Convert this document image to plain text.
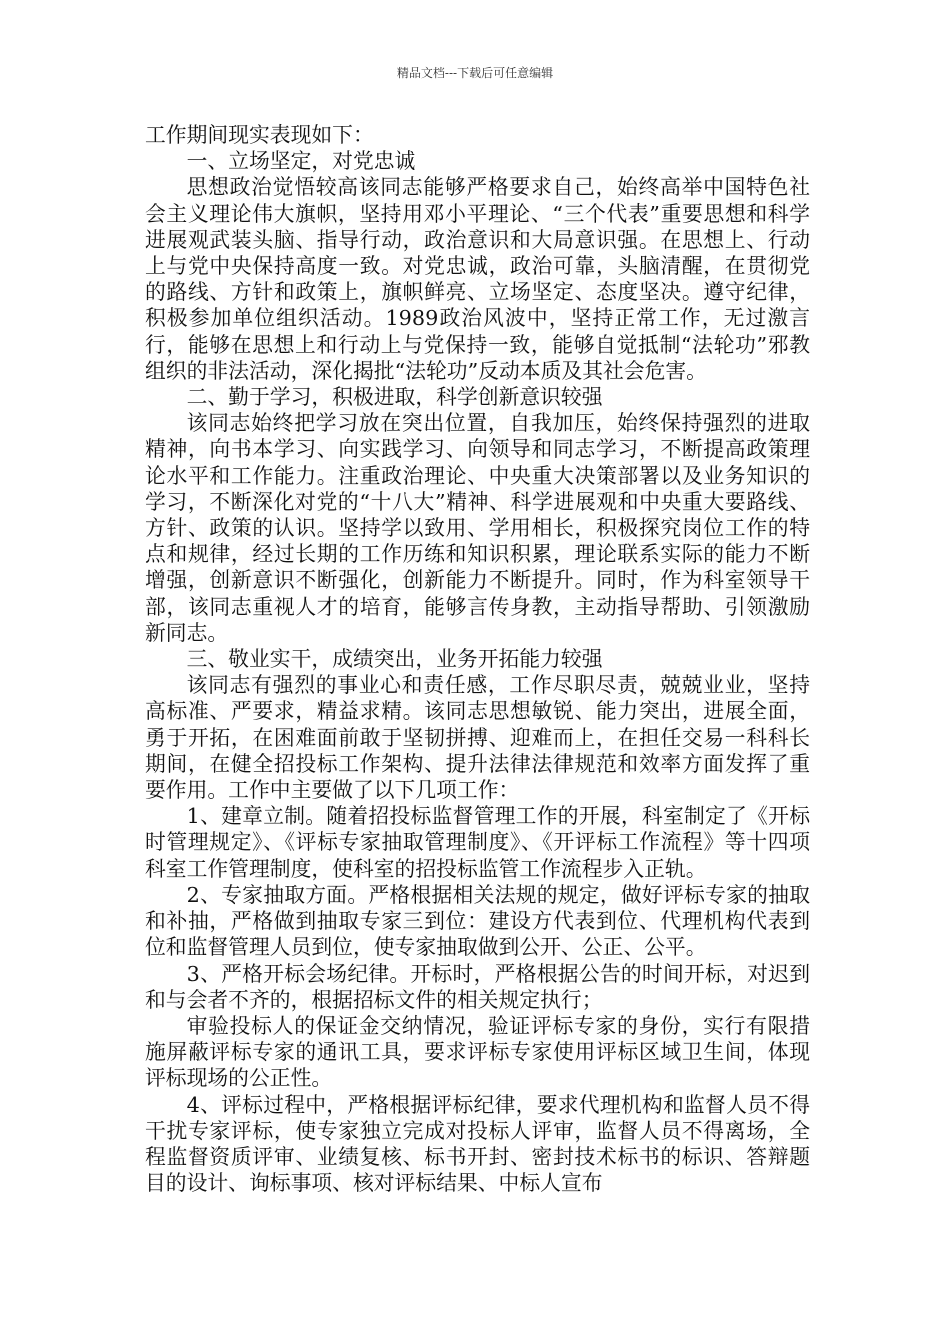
精品文档---下载后可任意编辑

工作期间现实表现如下：

一、立场坚定，对党忠诚

思想政治觉悟较高该同志能够严格要求自己，始终高举中国特色社会主义理论伟大旗帜，坚持用邓小平理论、“三个代表”重要思想和科学进展观武装头脑、指导行动，政治意识和大局意识强。在思想上、行动上与党中央保持高度一致。对党忠诚，政治可靠，头脑清醒，在贯彻党的路线、方针和政策上，旗帜鲜亮、立场坚定、态度坚决。遵守纪律，积极参加单位组织活动。1989政治风波中，坚持正常工作，无过激言行，能够在思想上和行动上与党保持一致，能够自觉抵制“法轮功”邪教组织的非法活动，深化揭批“法轮功”反动本质及其社会危害。

二、勤于学习，积极进取，科学创新意识较强

该同志始终把学习放在突出位置，自我加压，始终保持强烈的进取精神，向书本学习、向实践学习、向领导和同志学习，不断提高政策理论水平和工作能力。注重政治理论、中央重大决策部署以及业务知识的学习，不断深化对党的“十八大”精神、科学进展观和中央重大要路线、方针、政策的认识。坚持学以致用、学用相长，积极探究岗位工作的特点和规律，经过长期的工作历练和知识积累，理论联系实际的能力不断增强，创新意识不断强化，创新能力不断提升。同时，作为科室领导干部，该同志重视人才的培育，能够言传身教，主动指导帮助、引领激励新同志。

三、敬业实干，成绩突出，业务开拓能力较强

该同志有强烈的事业心和责任感，工作尽职尽责，兢兢业业，坚持高标准、严要求，精益求精。该同志思想敏锐、能力突出，进展全面，勇于开拓，在困难面前敢于坚韧拼搏、迎难而上，在担任交易一科科长期间，在健全招投标工作架构、提升法律法律规范和效率方面发挥了重要作用。工作中主要做了以下几项工作：

1、建章立制。随着招投标监督管理工作的开展，科室制定了《开标时管理规定》、《评标专家抽取管理制度》、《开评标工作流程》等十四项科室工作管理制度，使科室的招投标监管工作流程步入正轨。

2、专家抽取方面。严格根据相关法规的规定，做好评标专家的抽取和补抽，严格做到抽取专家三到位：建设方代表到位、代理机构代表到位和监督管理人员到位，使专家抽取做到公开、公正、公平。

3、严格开标会场纪律。开标时，严格根据公告的时间开标，对迟到和与会者不齐的，根据招标文件的相关规定执行；

审验投标人的保证金交纳情况，验证评标专家的身份，实行有限措施屏蔽评标专家的通讯工具，要求评标专家使用评标区域卫生间，体现评标现场的公正性。

4、评标过程中，严格根据评标纪律，要求代理机构和监督人员不得干扰专家评标，使专家独立完成对投标人评审，监督人员不得离场，全程监督资质评审、业绩复核、标书开封、密封技术标书的标识、答辩题目的设计、询标事项、核对评标结果、中标人宣布
